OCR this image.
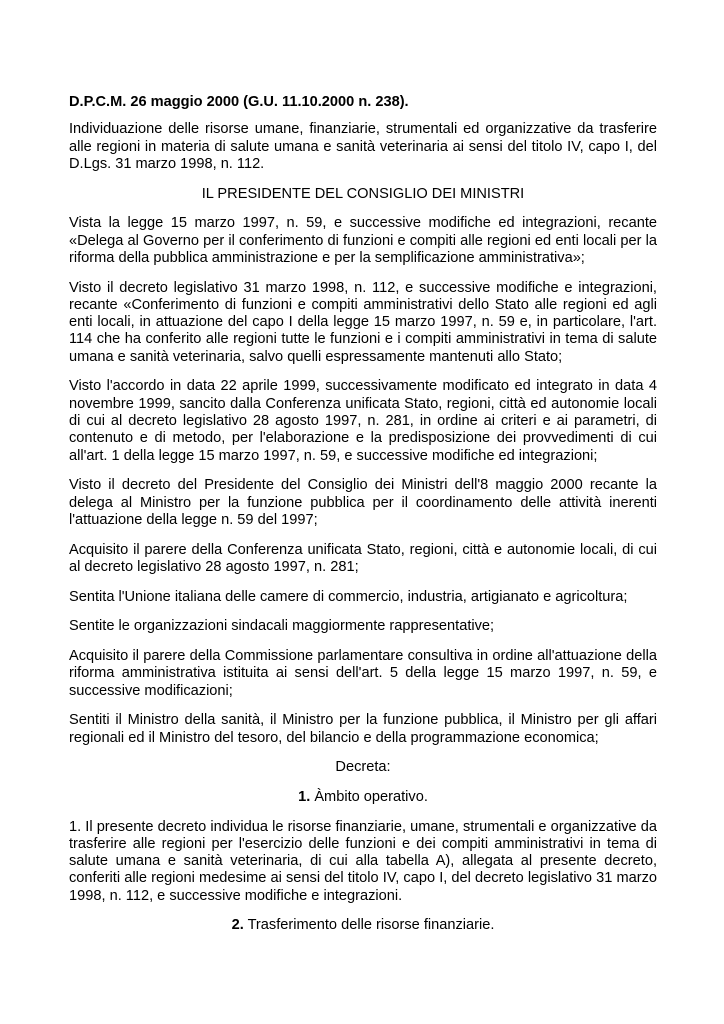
D.P.C.M. 26 maggio 2000 (G.U. 11.10.2000 n. 238).

Individuazione delle risorse umane, finanziarie, strumentali ed organizzative da trasferire alle regioni in materia di salute umana e sanità veterinaria ai sensi del titolo IV, capo I, del D.Lgs. 31 marzo 1998, n. 112.

IL PRESIDENTE DEL CONSIGLIO DEI MINISTRI

Vista la legge 15 marzo 1997, n. 59, e successive modifiche ed integrazioni, recante «Delega al Governo per il conferimento di funzioni e compiti alle regioni ed enti locali per la riforma della pubblica amministrazione e per la semplificazione amministrativa»;

Visto il decreto legislativo 31 marzo 1998, n. 112, e successive modifiche e integrazioni, recante «Conferimento di funzioni e compiti amministrativi dello Stato alle regioni ed agli enti locali, in attuazione del capo I della legge 15 marzo 1997, n. 59 e, in particolare, l'art. 114 che ha conferito alle regioni tutte le funzioni e i compiti amministrativi in tema di salute umana e sanità veterinaria, salvo quelli espressamente mantenuti allo Stato;

Visto l'accordo in data 22 aprile 1999, successivamente modificato ed integrato in data 4 novembre 1999, sancito dalla Conferenza unificata Stato, regioni, città ed autonomie locali di cui al decreto legislativo 28 agosto 1997, n. 281, in ordine ai criteri e ai parametri, di contenuto e di metodo, per l'elaborazione e la predisposizione dei provvedimenti di cui all'art. 1 della legge 15 marzo 1997, n. 59, e successive modifiche ed integrazioni;

Visto il decreto del Presidente del Consiglio dei Ministri dell'8 maggio 2000 recante la delega al Ministro per la funzione pubblica per il coordinamento delle attività inerenti l'attuazione della legge n. 59 del 1997;

Acquisito il parere della Conferenza unificata Stato, regioni, città e autonomie locali, di cui al decreto legislativo 28 agosto 1997, n. 281;

Sentita l'Unione italiana delle camere di commercio, industria, artigianato e agricoltura;

Sentite le organizzazioni sindacali maggiormente rappresentative;

Acquisito il parere della Commissione parlamentare consultiva in ordine all'attuazione della riforma amministrativa istituita ai sensi dell'art. 5 della legge 15 marzo 1997, n. 59, e successive modificazioni;

Sentiti il Ministro della sanità, il Ministro per la funzione pubblica, il Ministro per gli affari regionali ed il Ministro del tesoro, del bilancio e della programmazione economica;

Decreta:

1. Àmbito operativo.

1. Il presente decreto individua le risorse finanziarie, umane, strumentali e organizzative da trasferire alle regioni per l'esercizio delle funzioni e dei compiti amministrativi in tema di salute umana e sanità veterinaria, di cui alla tabella A), allegata al presente decreto, conferiti alle regioni medesime ai sensi del titolo IV, capo I, del decreto legislativo 31 marzo 1998, n. 112, e successive modifiche e integrazioni.

2. Trasferimento delle risorse finanziarie.
